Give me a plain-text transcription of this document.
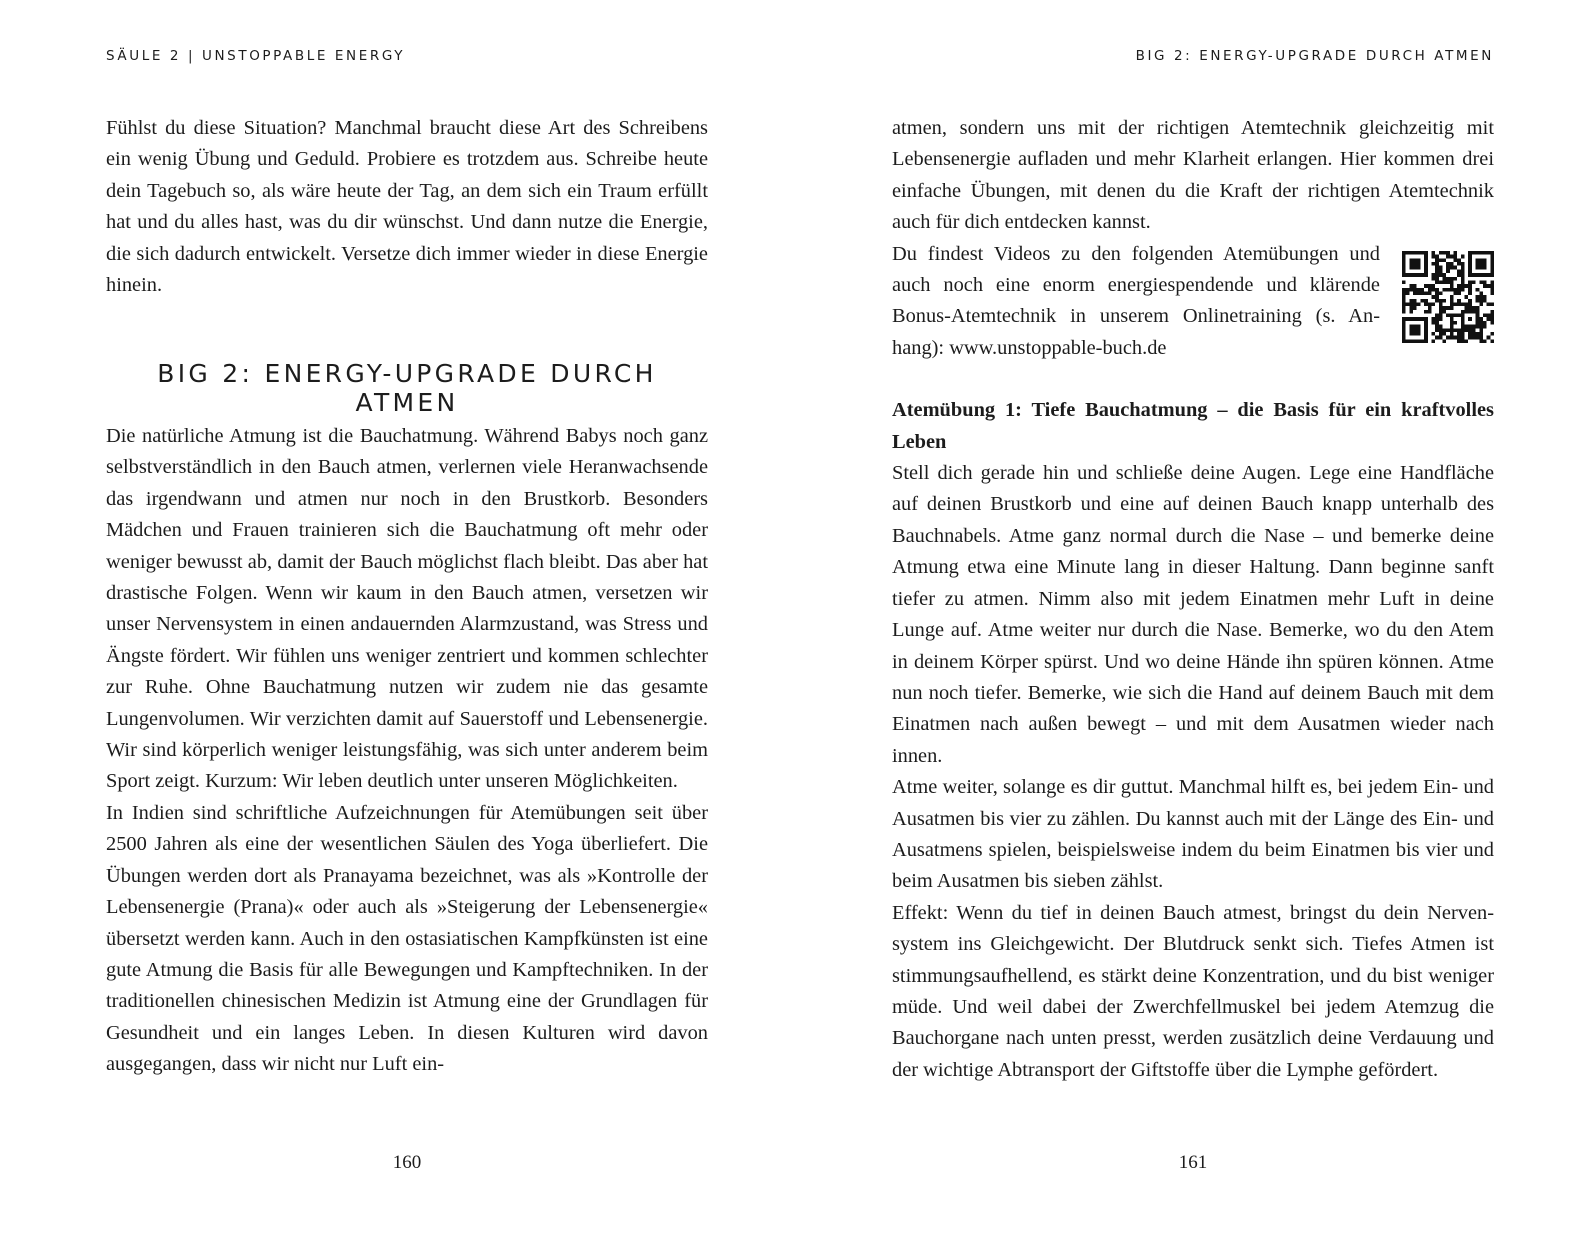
SÄULE 2 | UNSTOPPABLE ENERGY

Fühlst du diese Situation? Manchmal braucht diese Art des Schreibens ein wenig Übung und Geduld. Probiere es trotzdem aus. Schreibe heute dein Tagebuch so, als wäre heute der Tag, an dem sich ein Traum erfüllt hat und du alles hast, was du dir wünschst. Und dann nutze die Energie, die sich dadurch entwickelt. Versetze dich immer wieder in diese Energie hinein.

BIG 2: ENERGY-UPGRADE DURCH ATMEN

Die natürliche Atmung ist die Bauchatmung. Während Babys noch ganz selbstverständlich in den Bauch atmen, verlernen viele Heranwachsende das irgendwann und atmen nur noch in den Brustkorb. Besonders Mädchen und Frauen trainieren sich die Bauchatmung oft mehr oder weniger bewusst ab, damit der Bauch möglichst flach bleibt. Das aber hat drastische Folgen. Wenn wir kaum in den Bauch atmen, versetzen wir unser Nervensystem in einen andauernden Alarmzustand, was Stress und Ängste fördert. Wir fühlen uns weniger zentriert und kommen schlechter zur Ruhe. Ohne Bauchatmung nutzen wir zudem nie das gesamte Lungenvolumen. Wir verzichten damit auf Sauerstoff und Lebensenergie. Wir sind körperlich weniger leistungsfähig, was sich unter anderem beim Sport zeigt. Kurzum: Wir leben deutlich unter unseren Möglichkeiten.

In Indien sind schriftliche Aufzeichnungen für Atemübungen seit über 2500 Jahren als eine der wesentlichen Säulen des Yoga überliefert. Die Übungen werden dort als Pranayama bezeichnet, was als »Kontrolle der Lebensenergie (Prana)« oder auch als »Steigerung der Lebensenergie« übersetzt werden kann. Auch in den ostasiatischen Kampfkünsten ist eine gute Atmung die Basis für alle Bewegungen und Kampftechniken. In der traditionellen chinesischen Medizin ist Atmung eine der Grundlagen für Gesundheit und ein langes Leben. In diesen Kulturen wird davon ausgegangen, dass wir nicht nur Luft ein-

160
BIG 2: ENERGY-UPGRADE DURCH ATMEN

atmen, sondern uns mit der richtigen Atemtechnik gleichzeitig mit Lebensenergie aufladen und mehr Klarheit erlangen. Hier kommen drei einfache Übungen, mit denen du die Kraft der richtigen Atemtechnik auch für dich entdecken kannst.

Du findest Videos zu den folgenden Atemübungen und auch noch eine enorm energiespendende und klärende Bonus-Atemtechnik in unserem Onlinetraining (s. Anhang): www.unstoppable-buch.de

Atemübung 1: Tiefe Bauchatmung – die Basis für ein kraftvolles Leben

Stell dich gerade hin und schließe deine Augen. Lege eine Handfläche auf deinen Brustkorb und eine auf deinen Bauch knapp unterhalb des Bauchnabels. Atme ganz normal durch die Nase – und bemerke deine Atmung etwa eine Minute lang in dieser Haltung. Dann beginne sanft tiefer zu atmen. Nimm also mit jedem Einatmen mehr Luft in deine Lunge auf. Atme weiter nur durch die Nase. Bemerke, wo du den Atem in deinem Körper spürst. Und wo deine Hände ihn spüren können. Atme nun noch tiefer. Bemerke, wie sich die Hand auf deinem Bauch mit dem Einatmen nach außen bewegt – und mit dem Ausatmen wieder nach innen.

Atme weiter, solange es dir guttut. Manchmal hilft es, bei jedem Ein- und Ausatmen bis vier zu zählen. Du kannst auch mit der Länge des Ein- und Ausatmens spielen, beispielsweise indem du beim Einatmen bis vier und beim Ausatmen bis sieben zählst.

Effekt: Wenn du tief in deinen Bauch atmest, bringst du dein Nervensystem ins Gleichgewicht. Der Blutdruck senkt sich. Tiefes Atmen ist stimmungsaufhellend, es stärkt deine Konzentration, und du bist weniger müde. Und weil dabei der Zwerchfellmuskel bei jedem Atemzug die Bauchorgane nach unten presst, werden zusätzlich deine Verdauung und der wichtige Abtransport der Giftstoffe über die Lymphe gefördert.

161
